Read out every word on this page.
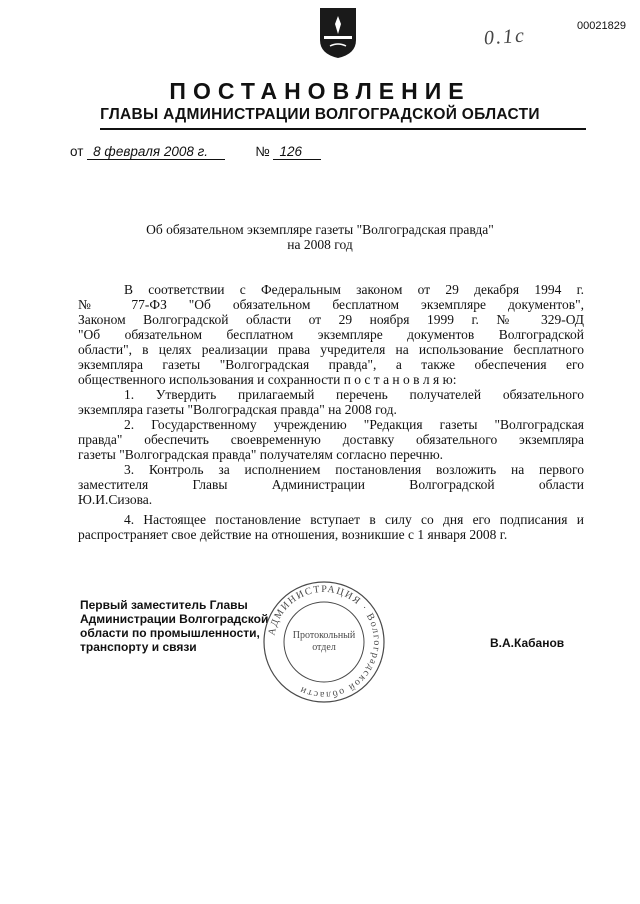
00021829
0.1с
ПОСТАНОВЛЕНИЕ
ГЛАВЫ АДМИНИСТРАЦИИ ВОЛГОГРАДСКОЙ ОБЛАСТИ
от 8 февраля 2008 г.	№ 126
Об обязательном экземпляре газеты "Волгоградская правда"
на 2008 год
В соответствии с Федеральным законом от 29 декабря 1994 г.
№ 77-ФЗ "Об обязательном бесплатном экземпляре документов",
Законом Волгоградской области от 29 ноября 1999 г. № 329-ОД
"Об обязательном бесплатном экземпляре документов Волгоградской
области", в целях реализации права учредителя на использование бесплатного
экземпляра газеты "Волгоградская правда", а также обеспечения его
общественного использования и сохранности п о с т а н о в л я ю:
1. Утвердить прилагаемый перечень получателей обязательного
экземпляра газеты "Волгоградская правда" на 2008 год.
2. Государственному учреждению "Редакция газеты "Волгоградская
правда" обеспечить своевременную доставку обязательного экземпляра
газеты "Волгоградская правда" получателям согласно перечню.
3. Контроль за исполнением постановления возложить на первого
заместителя Главы Администрации Волгоградской области
Ю.И.Сизова.
4. Настоящее постановление вступает в силу со дня его подписания и
распространяет свое действие на отношения, возникшие с 1 января 2008 г.
Первый заместитель Главы
Администрации Волгоградской
области по промышленности,
транспорту и связи
АДМИНИСТРАЦИЯ · Волгоградской области
Протокольный
отдел	В.А.Кабанов
